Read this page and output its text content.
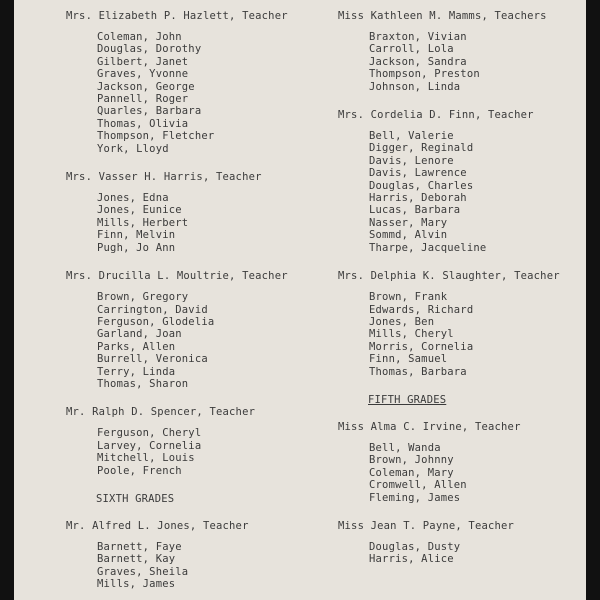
Mrs. Elizabeth P. Hazlett, Teacher
Coleman, John
Douglas, Dorothy
Gilbert, Janet
Graves, Yvonne
Jackson, George
Pannell, Roger
Quarles, Barbara
Thomas, Olivia
Thompson, Fletcher
York, Lloyd
Mrs. Vasser H. Harris, Teacher
Jones, Edna
Jones, Eunice
Mills, Herbert
Finn, Melvin
Pugh, Jo Ann
Mrs. Drucilla L. Moultrie, Teacher
Brown, Gregory
Carrington, David
Ferguson, Glodelia
Garland, Joan
Parks, Allen
Burrell, Veronica
Terry, Linda
Thomas, Sharon
Mr. Ralph D. Spencer, Teacher
Ferguson, Cheryl
Larvey, Cornelia
Mitchell, Louis
Poole, French
SIXTH GRADES
Mr. Alfred L. Jones, Teacher
Barnett, Faye
Barnett, Kay
Graves, Sheila
Mills, James
Miss Kathleen M. Mamms, Teachers
Braxton, Vivian
Carroll, Lola
Jackson, Sandra
Thompson, Preston
Johnson, Linda
Mrs. Cordelia D. Finn, Teacher
Bell, Valerie
Digger, Reginald
Davis, Lenore
Davis, Lawrence
Douglas, Charles
Harris, Deborah
Lucas, Barbara
Nasser, Mary
Sommd, Alvin
Tharpe, Jacqueline
Mrs. Delphia K. Slaughter, Teacher
Brown, Frank
Edwards, Richard
Jones, Ben
Mills, Cheryl
Morris, Cornelia
Finn, Samuel
Thomas, Barbara
FIFTH GRADES
Miss Alma C. Irvine, Teacher
Bell, Wanda
Brown, Johnny
Coleman, Mary
Cromwell, Allen
Fleming, James
Miss Jean T. Payne, Teacher
Douglas, Dusty
Harris, Alice
